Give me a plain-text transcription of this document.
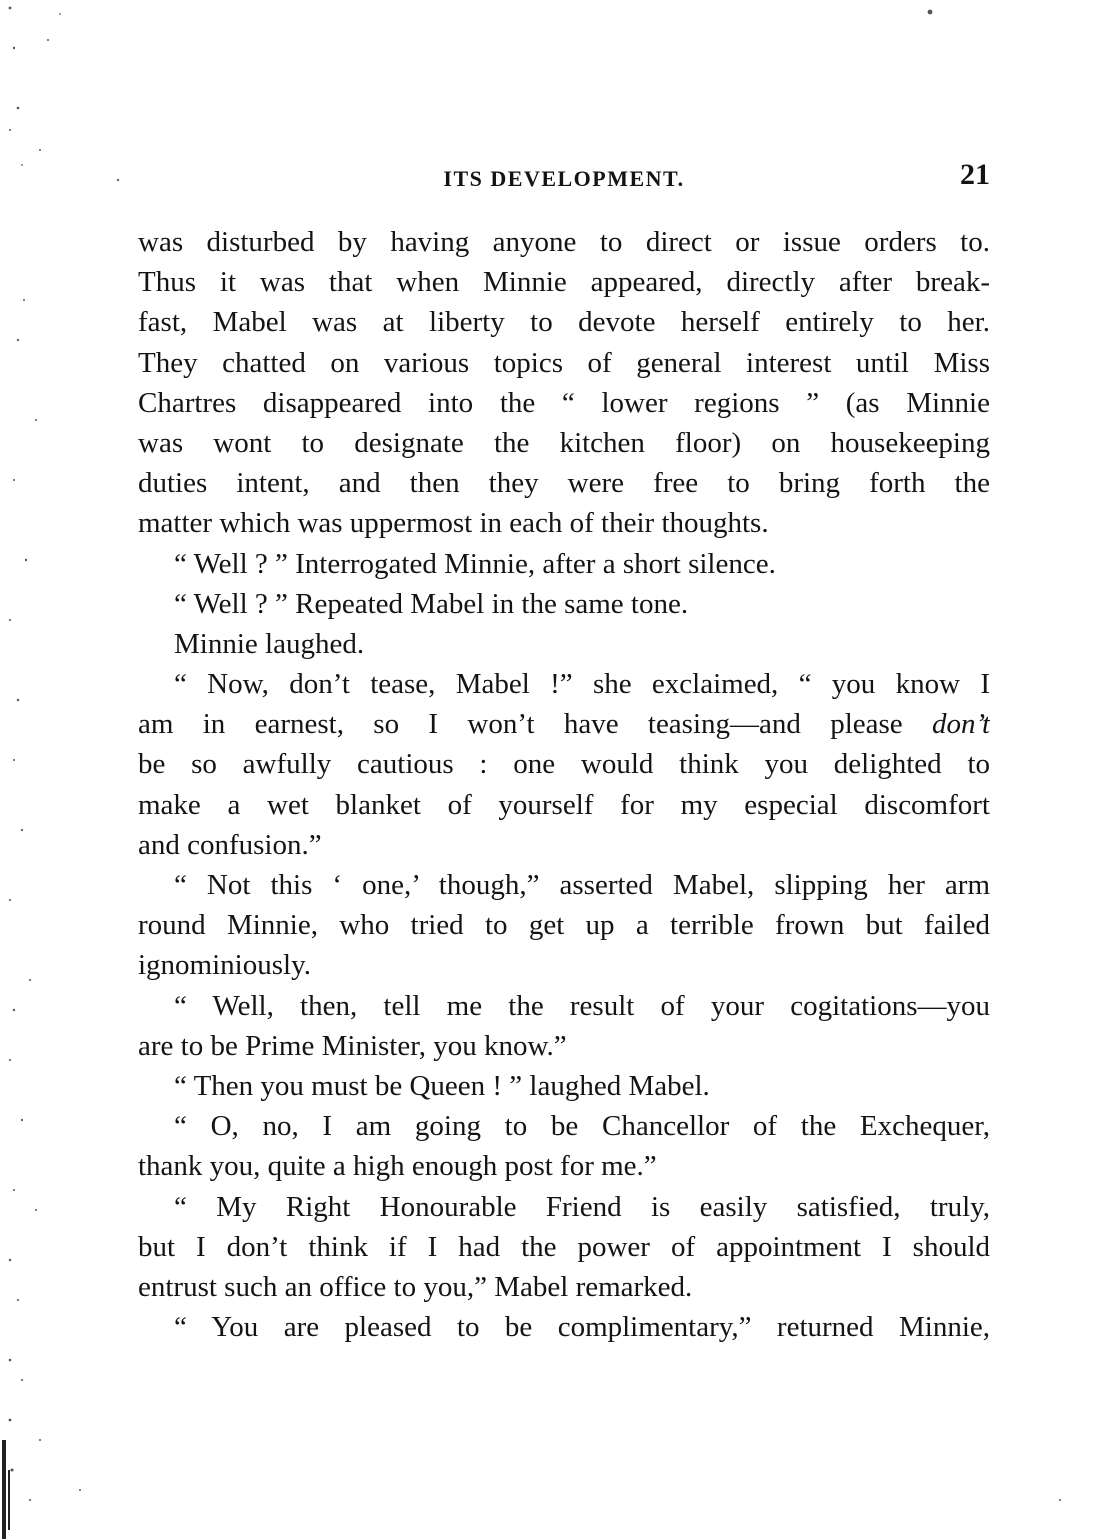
ITS DEVELOPMENT.	21
was disturbed by having anyone to direct or issue orders to.
Thus it was that when Minnie appeared, directly after break-
fast, Mabel was at liberty to devote herself entirely to her.
They chatted on various topics of general interest until Miss
Chartres disappeared into the “ lower regions ” (as Minnie
was wont to designate the kitchen floor) on housekeeping
duties intent, and then they were free to bring forth the
matter which was uppermost in each of their thoughts.
“ Well ? ” Interrogated Minnie, after a short silence.
“ Well ? ” Repeated Mabel in the same tone.
Minnie laughed.
“ Now, don’t tease, Mabel !” she exclaimed, “ you know I
am in earnest, so I won’t have teasing—and please don’t
be so awfully cautious : one would think you delighted to
make a wet blanket of yourself for my especial discomfort
and confusion.”
“ Not this ‘ one,’ though,” asserted Mabel, slipping her arm
round Minnie, who tried to get up a terrible frown but failed
ignominiously.
“ Well, then, tell me the result of your cogitations—you
are to be Prime Minister, you know.”
“ Then you must be Queen ! ” laughed Mabel.
“ O, no, I am going to be Chancellor of the Exchequer,
thank you, quite a high enough post for me.”
“ My Right Honourable Friend is easily satisfied, truly,
but I don’t think if I had the power of appointment I should
entrust such an office to you,” Mabel remarked.
“ You are pleased to be complimentary,” returned Minnie,
